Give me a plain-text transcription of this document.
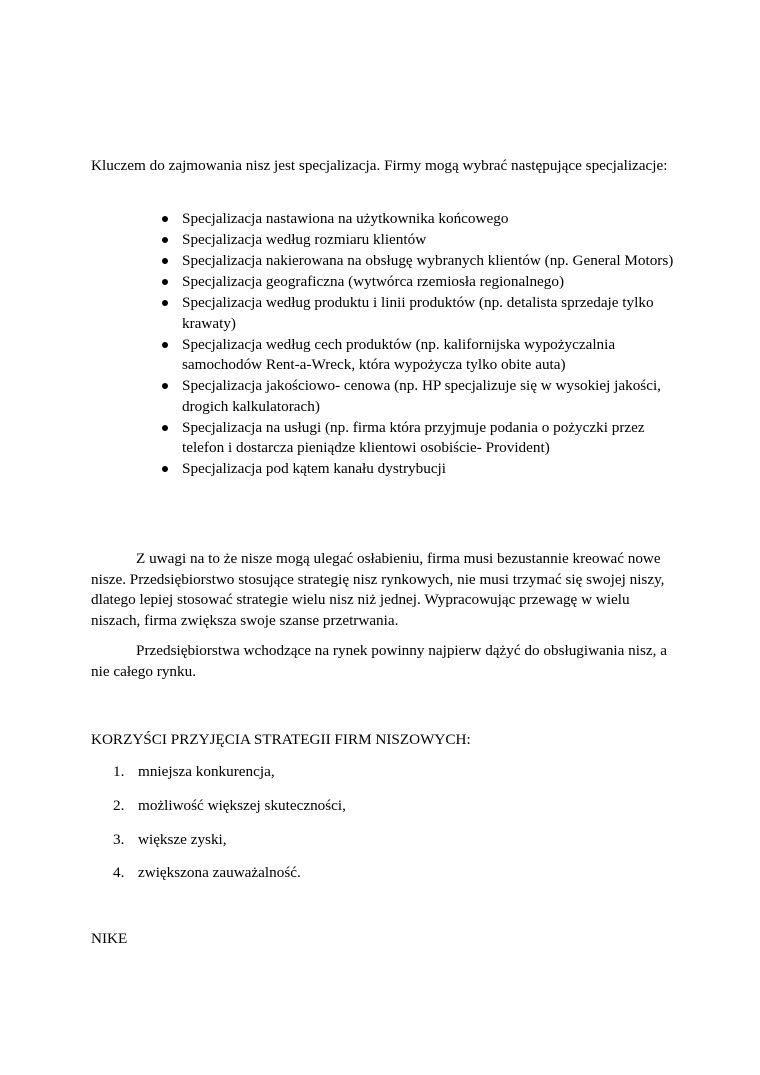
Kluczem do zajmowania nisz jest specjalizacja. Firmy mogą wybrać następujące specjalizacje:

Specjalizacja nastawiona na użytkownika końcowego
Specjalizacja według rozmiaru klientów
Specjalizacja nakierowana na obsługę wybranych klientów (np. General Motors)
Specjalizacja geograficzna (wytwórca rzemiosła regionalnego)
Specjalizacja według produktu i linii produktów (np. detalista sprzedaje tylko krawaty)
Specjalizacja według cech produktów (np. kalifornijska wypożyczalnia samochodów Rent-a-Wreck, która wypożycza tylko obite auta)
Specjalizacja jakościowo- cenowa (np. HP specjalizuje się w wysokiej jakości, drogich kalkulatorach)
Specjalizacja na usługi (np. firma która przyjmuje podania o pożyczki przez telefon i dostarcza pieniądze klientowi osobiście- Provident)
Specjalizacja pod kątem kanału dystrybucji

Z uwagi na to że nisze mogą ulegać osłabieniu, firma musi bezustannie kreować nowe nisze. Przedsiębiorstwo stosujące strategię nisz rynkowych, nie musi trzymać się swojej niszy, dlatego lepiej stosować strategie wielu nisz niż jednej. Wypracowując przewagę w wielu niszach, firma zwiększa swoje szanse przetrwania.

Przedsiębiorstwa wchodzące na rynek powinny najpierw dążyć do obsługiwania nisz, a nie całego rynku.

KORZYŚCI PRZYJĘCIA STRATEGII FIRM NISZOWYCH:

1. mniejsza konkurencja,
2. możliwość większej skuteczności,
3. większe zyski,
4. zwiększona zauważalność.

NIKE
